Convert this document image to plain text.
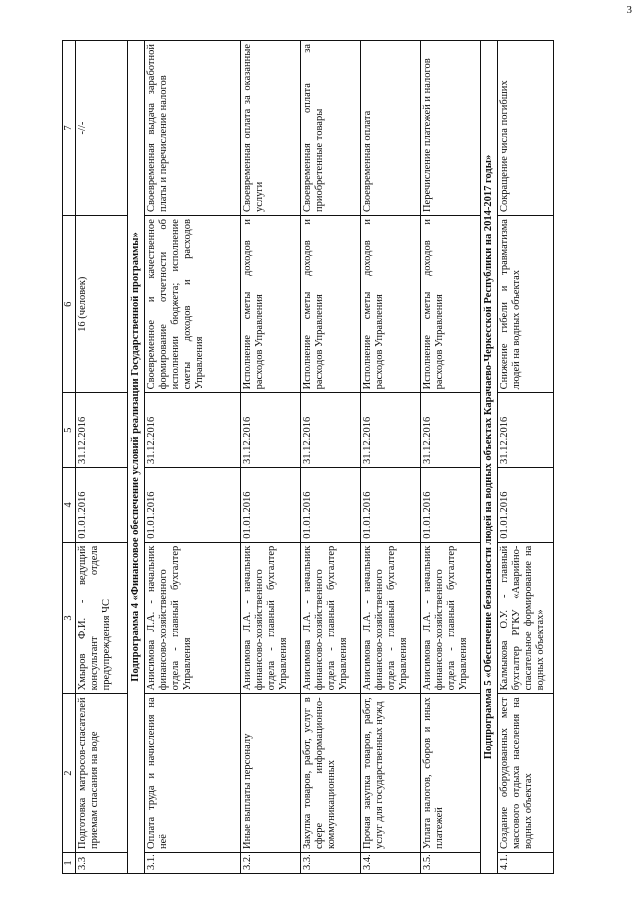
3
1	2	3	4	5	6	7
3.3	Подготовка матросов-спасателей приемам спасания на воде	Хмыров Ф.И. - ведущий консультант отдела предупреждения ЧС	01.01.2016	31.12.2016	16 (человек)	-//-
Подпрограмма 4 «Финансовое обеспечение условий реализации Государственной программы»						
3.1.	Оплата труда и начисления на неё	Анисимова Л.А. - начальник финансово-хозяйственного отдела - главный бухгалтер Управления	01.01.2016	31.12.2016	Своевременное и качественное формирование отчетности об исполнении бюджета; исполнение сметы доходов и расходов Управления	Своевременная выдача заработной платы и перечисление налогов
3.2.	Иные выплаты персоналу	Анисимова Л.А. - начальник финансово-хозяйственного отдела - главный бухгалтер Управления	01.01.2016	31.12.2016	Исполнение сметы доходов и расходов Управления	Своевременная оплата за оказанные услуги
3.3.	Закупка товаров, работ, услуг в сфере информационно-коммуникационных	Анисимова Л.А. - начальник финансово-хозяйственного отдела - главный бухгалтер Управления	01.01.2016	31.12.2016	Исполнение сметы доходов и расходов Управления	Своевременная оплата за приобретенные товары
3.4.	Прочая закупка товаров, работ, услуг для государственных нужд	Анисимова Л.А. - начальник финансово-хозяйственного отдела - главный бухгалтер Управления	01.01.2016	31.12.2016	Исполнение сметы доходов и расходов Управления	Своевременная оплата
3.5.	Уплата налогов, сборов и иных платежей	Анисимова Л.А. - начальник финансово-хозяйственного отдела - главный бухгалтер Управления	01.01.2016	31.12.2016	Исполнение сметы доходов и расходов Управления	Перечисление платежей и налогов
Подпрограмма 5 «Обеспечение безопасности людей на водных объектах Карачаево-Черкесской Республики на 2014-2017 годы»						
4.1.	Создание оборудованных мест массового отдыха населения на водных объектах	Калмыкова О.У. - главный бухгалтер РГКУ «Аварийно-спасательное формирование на водных объектах»	01.01.2016	31.12.2016	Снижение гибели и травматизма людей на водных объектах	Сокращение числа погибших
